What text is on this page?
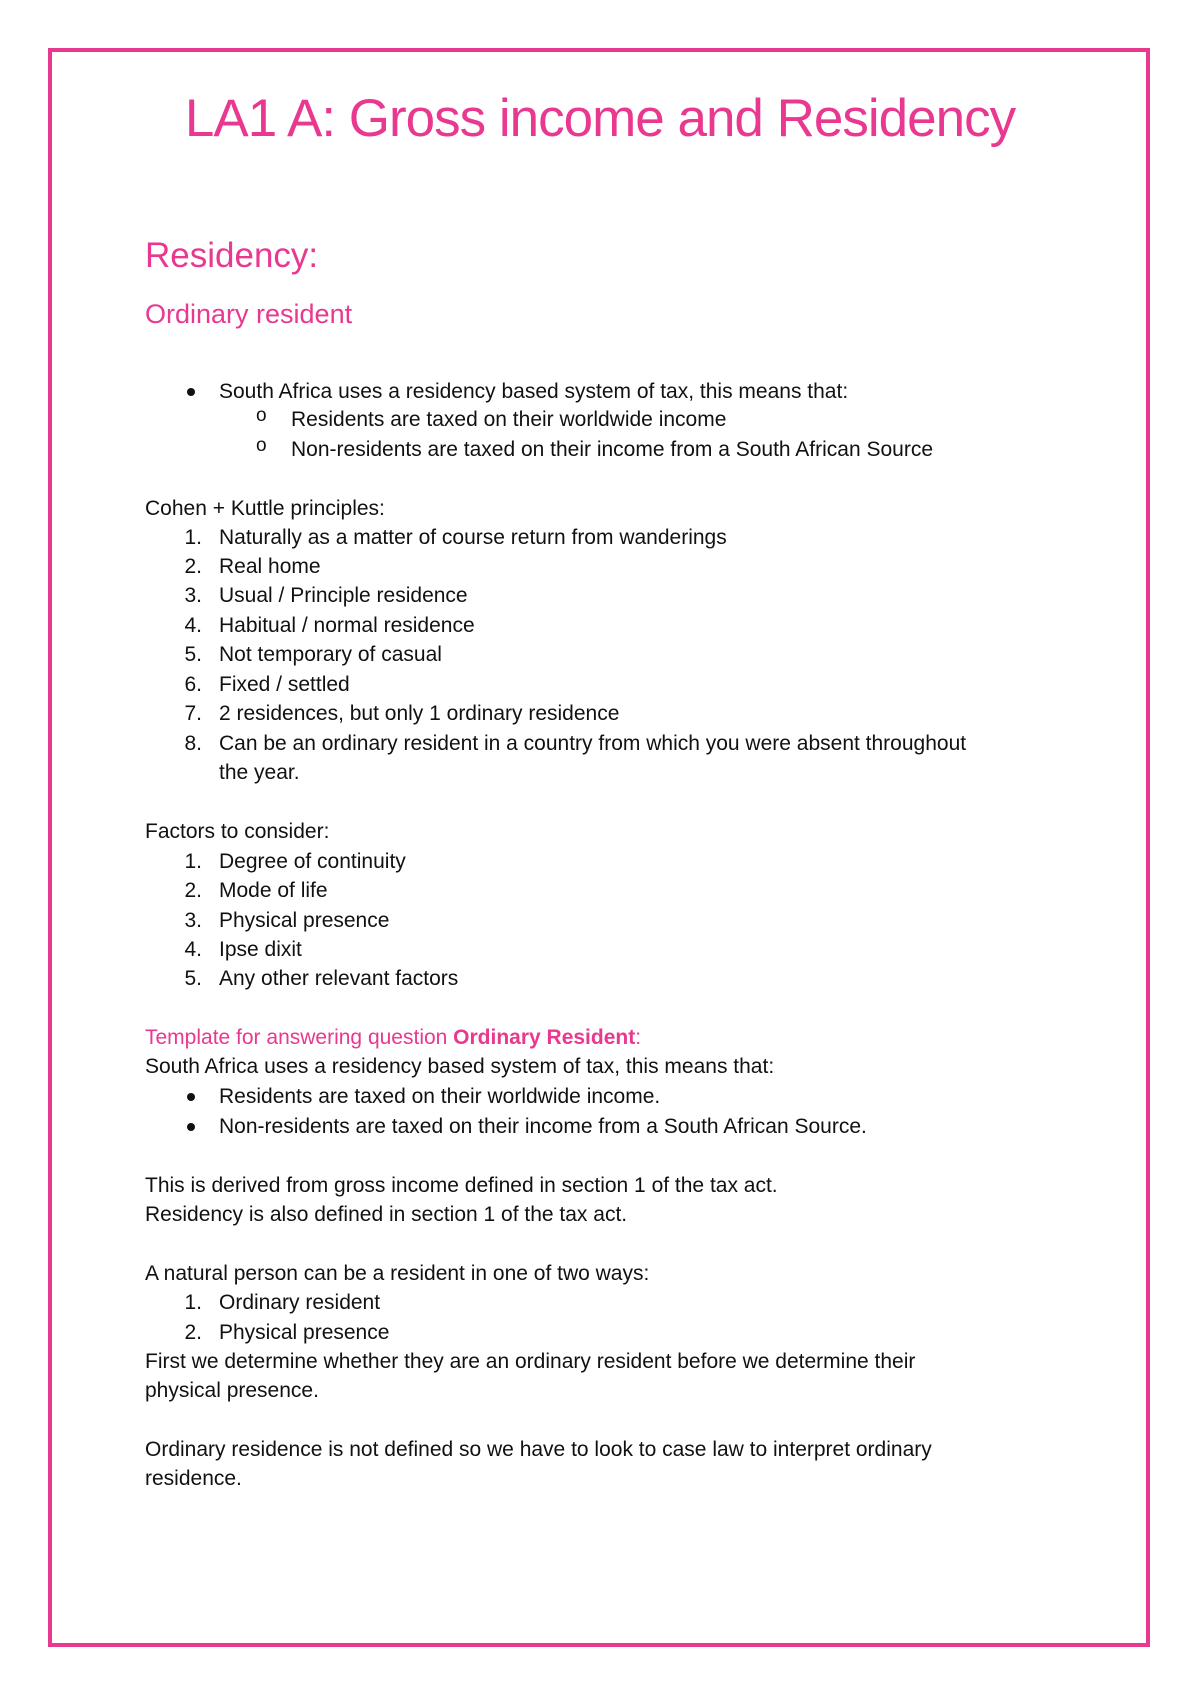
LA1 A: Gross income and Residency
Residency:
Ordinary resident
South Africa uses a residency based system of tax, this means that:
o Residents are taxed on their worldwide income
o Non-residents are taxed on their income from a South African Source
Cohen + Kuttle principles:
1. Naturally as a matter of course return from wanderings
2. Real home
3. Usual / Principle residence
4. Habitual / normal residence
5. Not temporary of casual
6. Fixed / settled
7. 2 residences, but only 1 ordinary residence
8. Can be an ordinary resident in a country from which you were absent throughout
the year.
Factors to consider:
1. Degree of continuity
2. Mode of life
3. Physical presence
4. Ipse dixit
5. Any other relevant factors
Template for answering question Ordinary Resident:
South Africa uses a residency based system of tax, this means that:
Residents are taxed on their worldwide income.
Non-residents are taxed on their income from a South African Source.
This is derived from gross income defined in section 1 of the tax act.
Residency is also defined in section 1 of the tax act.
A natural person can be a resident in one of two ways:
1. Ordinary resident
2. Physical presence
First we determine whether they are an ordinary resident before we determine their
physical presence.
Ordinary residence is not defined so we have to look to case law to interpret ordinary
residence.
